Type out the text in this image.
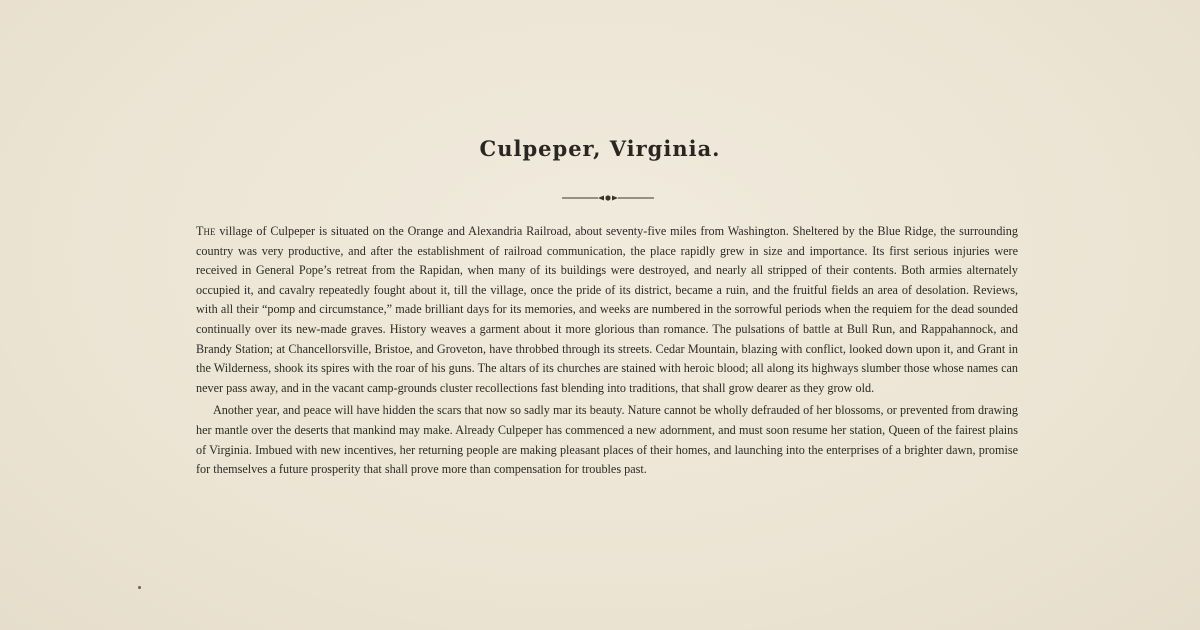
Culpeper, Virginia.

The village of Culpeper is situated on the Orange and Alexandria Railroad, about seventy-five miles from Washington. Sheltered by the Blue Ridge, the surrounding country was very productive, and after the establishment of railroad communication, the place rapidly grew in size and importance. Its first serious injuries were received in General Pope’s retreat from the Rapidan, when many of its buildings were destroyed, and nearly all stripped of their contents. Both armies alternately occupied it, and cavalry repeatedly fought about it, till the village, once the pride of its district, became a ruin, and the fruitful fields an area of desolation. Reviews, with all their “pomp and circumstance,” made brilliant days for its memories, and weeks are numbered in the sorrowful periods when the requiem for the dead sounded continually over its new-made graves. History weaves a garment about it more glorious than romance. The pulsations of battle at Bull Run, and Rappahannock, and Brandy Station; at Chancellorsville, Bristoe, and Groveton, have throbbed through its streets. Cedar Mountain, blazing with conflict, looked down upon it, and Grant in the Wilderness, shook its spires with the roar of his guns. The altars of its churches are stained with heroic blood; all along its highways slumber those whose names can never pass away, and in the vacant camp-grounds cluster recollections fast blending into traditions, that shall grow dearer as they grow old.

Another year, and peace will have hidden the scars that now so sadly mar its beauty. Nature cannot be wholly defrauded of her blossoms, or prevented from drawing her mantle over the deserts that mankind may make. Already Culpeper has commenced a new adornment, and must soon resume her station, Queen of the fairest plains of Virginia. Imbued with new incentives, her returning people are making pleasant places of their homes, and launching into the enterprises of a brighter dawn, promise for themselves a future prosperity that shall prove more than compensation for troubles past.
